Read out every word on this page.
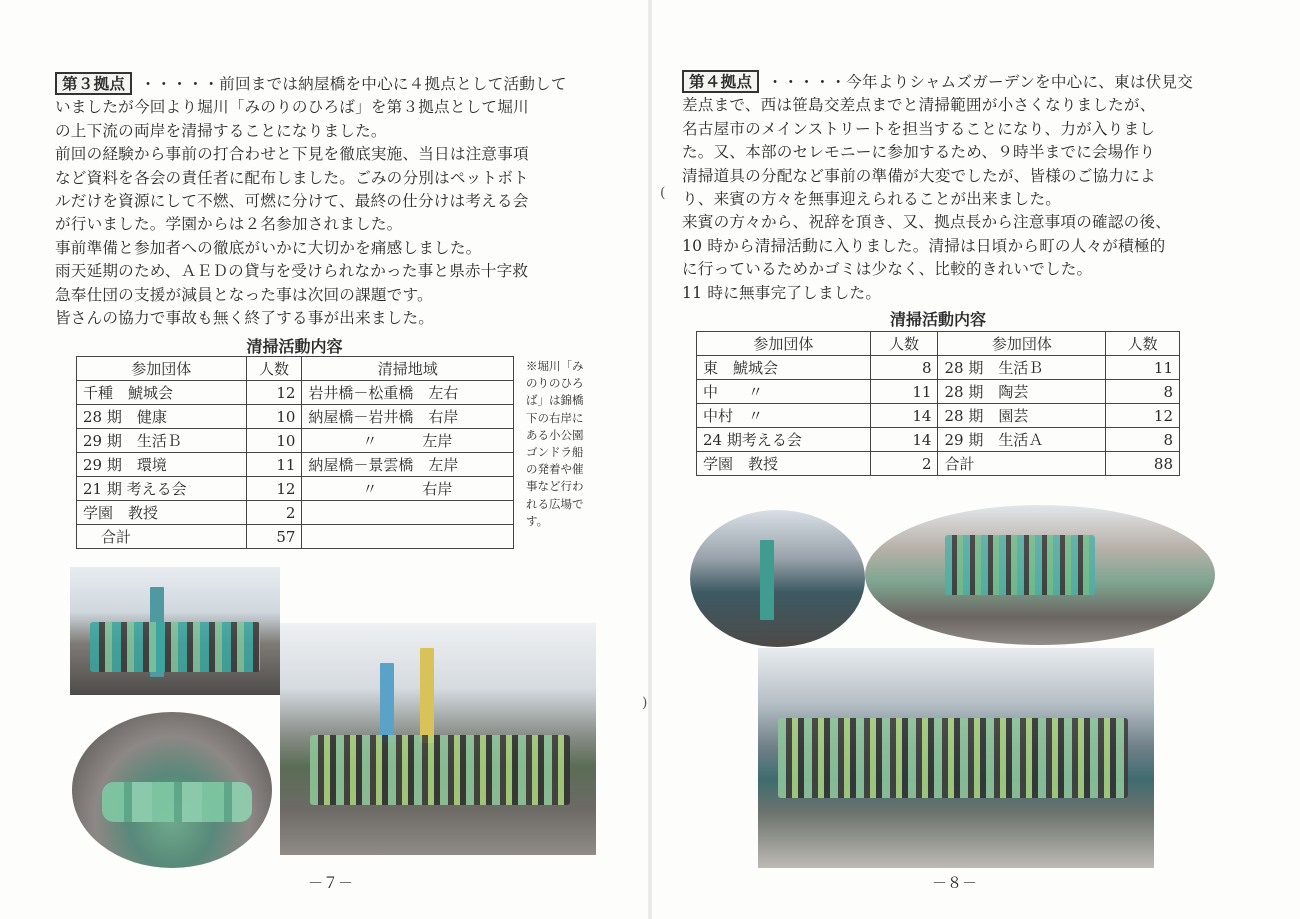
第３拠点 ・・・・・前回までは納屋橋を中心に４拠点として活動して

いましたが今回より堀川「みのりのひろば」を第３拠点として堀川

の上下流の両岸を清掃することになりました。

前回の経験から事前の打合わせと下見を徹底実施、当日は注意事項

など資料を各会の責任者に配布しました。ごみの分別はペットボト

ルだけを資源にして不燃、可燃に分けて、最終の仕分けは考える会

が行いました。学園からは２名参加されました。

事前準備と参加者への徹底がいかに大切かを痛感しました。

雨天延期のため、ＡＥＤの貸与を受けられなかった事と県赤十字救

急奉仕団の支援が減員となった事は次回の課題です。

皆さんの協力で事故も無く終了する事が出来ました。

清掃活動内容
参加団体	人数	清掃地域
千種　鯱城会	12	岩井橋－松重橋　左右
28 期　健康	10	納屋橋－岩井橋　右岸
29 期　生活Ｂ	10	〃　　　左岸
29 期　環境	11	納屋橋－景雲橋　左岸
21 期 考える会	12	〃　　　右岸
学園　教授	2	
合計	57	
※堀川「み
のりのひろ
ば」は錦橋
下の右岸に
ある小公園
ゴンドラ船
の発着や催
事など行わ
れる広場で
す。
－７－
(
)

第４拠点 ・・・・・今年よりシャムズガーデンを中心に、東は伏見交

差点まで、西は笹島交差点までと清掃範囲が小さくなりましたが、

名古屋市のメインストリートを担当することになり、力が入りまし

た。又、本部のセレモニーに参加するため、９時半までに会場作り

清掃道具の分配など事前の準備が大変でしたが、皆様のご協力によ

り、来賓の方々を無事迎えられることが出来ました。

来賓の方々から、祝辞を頂き、又、拠点長から注意事項の確認の後、

10 時から清掃活動に入りました。清掃は日頃から町の人々が積極的

に行っているためかゴミは少なく、比較的きれいでした。

11 時に無事完了しました。

清掃活動内容
参加団体	人数	参加団体	人数
東　鯱城会	8	28 期　生活Ｂ	11
中　　〃	11	28 期　陶芸	8
中村　〃	14	28 期　園芸	12
24 期考える会	14	29 期　生活Ａ	8
学園　教授	2	合計	88
－８－
